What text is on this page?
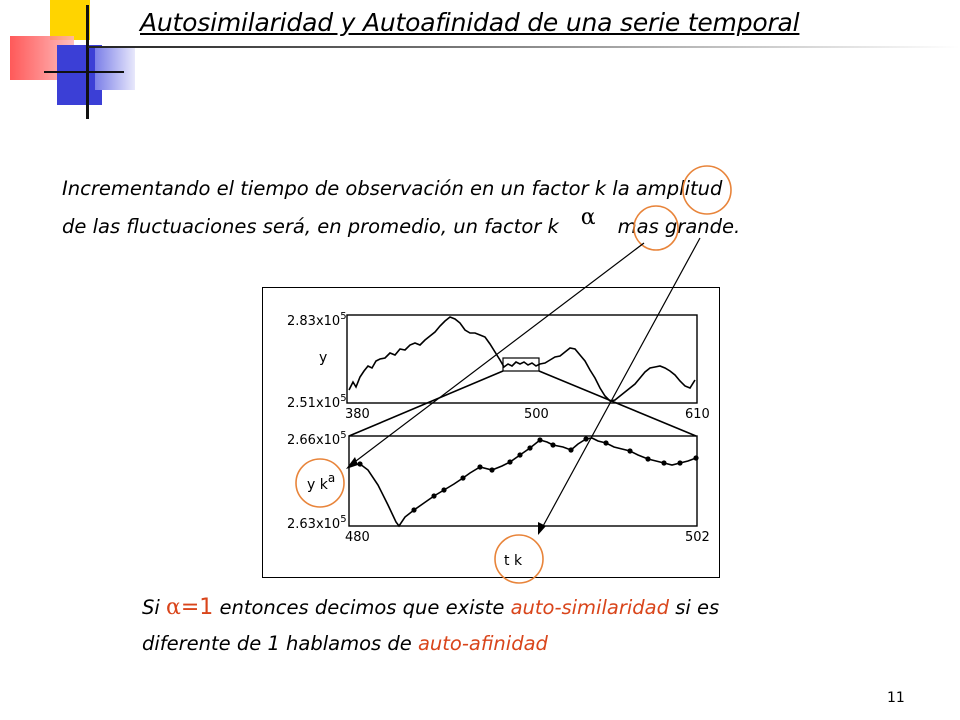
Autosimilaridad y Autoafinidad de una serie temporal
Incrementando el tiempo de observación en un factor k la amplitud
de las fluctuaciones será, en promedio, un factor k α mas grande.
$2.83x10^5$
y
$2.51x10^5$
380	500	610
$2.66x10^5$
$2.63x10^5$
480	502
y ka
t k
Si α=1 entonces decimos que existe auto-similaridad si es
diferente de 1 hablamos de auto-afinidad
11
